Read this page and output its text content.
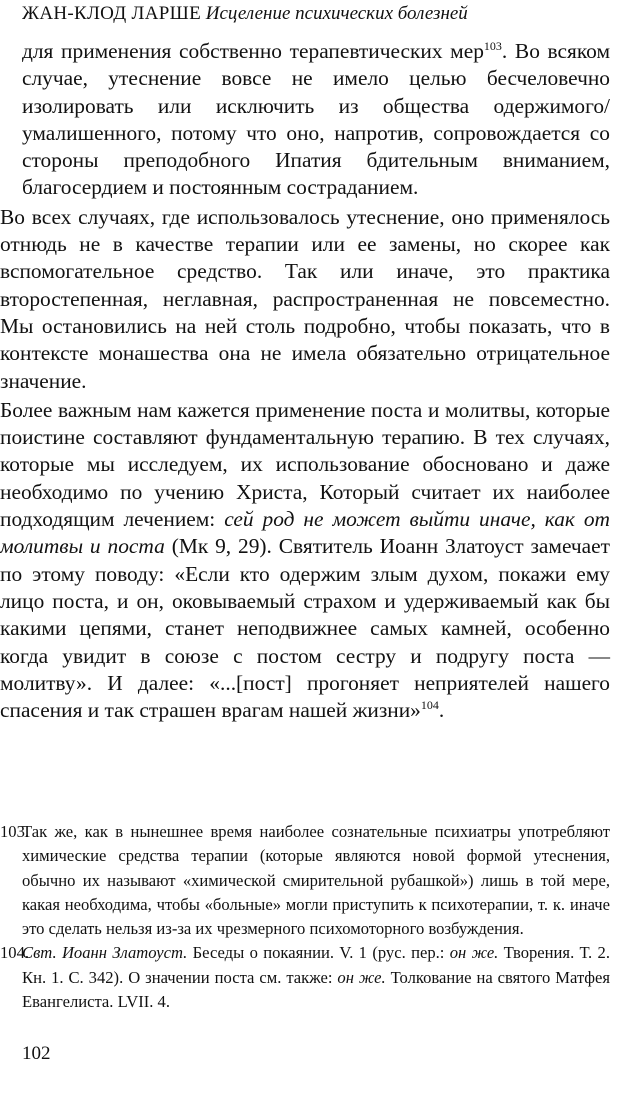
ЖАН-КЛОД ЛАРШЕ Исцеление психических болезней

для применения собственно терапевтических мер$^{103}$. Во всяком случае, утеснение вовсе не имело целью бесчеловечно изолировать или исключить из общества одержимого/умалишенного, потому что оно, напротив, сопровождается со стороны преподобного Ипатия бдительным вниманием, благосердием и постоянным состраданием.

Во всех случаях, где использовалось утеснение, оно применялось отнюдь не в качестве терапии или ее замены, но скорее как вспомогательное средство. Так или иначе, это практика второстепенная, неглавная, распространенная не повсеместно. Мы остановились на ней столь подробно, чтобы показать, что в контексте монашества она не имела обязательно отрицательное значение.

Более важным нам кажется применение поста и молитвы, которые поистине составляют фундаментальную терапию. В тех случаях, которые мы исследуем, их использование обосновано и даже необходимо по учению Христа, Который считает их наиболее подходящим лечением: сей род не может выйти иначе, как от молитвы и поста (Мк 9, 29). Святитель Иоанн Златоуст замечает по этому поводу: «Если кто одержим злым духом, покажи ему лицо поста, и он, оковываемый страхом и удерживаемый как бы какими цепями, станет неподвижнее самых камней, особенно когда увидит в союзе с постом сестру и подругу поста — молитву». И далее: «...[пост] прогоняет неприятелей нашего спасения и так страшен врагам нашей жизни»$^{104}$.

103.
Так же, как в нынешнее время наиболее сознательные психиатры употребляют химические средства терапии (которые являются новой формой утеснения, обычно их называют «химической смирительной рубашкой») лишь в той мере, какая необходима, чтобы «больные» могли приступить к психотерапии, т. к. иначе это сделать нельзя из-за их чрезмерного психомоторного возбуждения.
104.
Свт. Иоанн Златоуст. Беседы о покаянии. V. 1 (рус. пер.: он же. Творения. Т. 2. Кн. 1. С. 342). О значении поста см. также: он же. Толкование на святого Матфея Евангелиста. LVII. 4.
102
